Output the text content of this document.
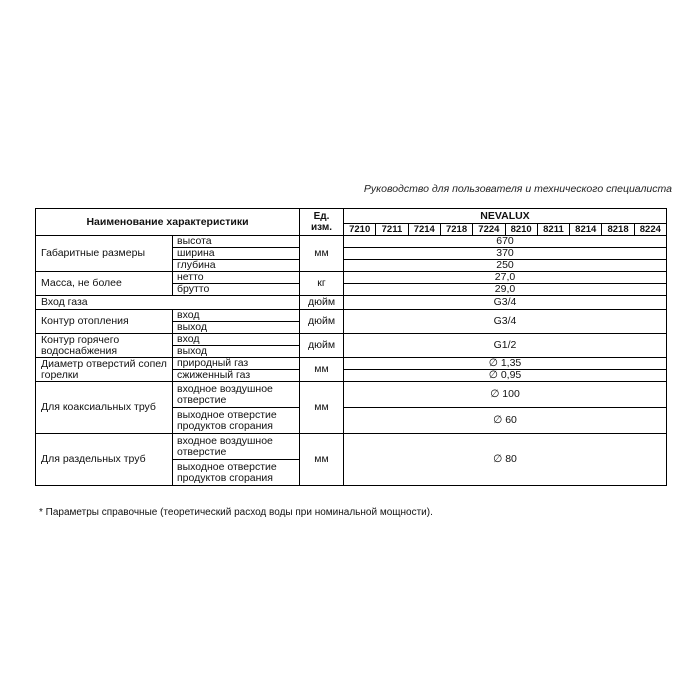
Руководство для пользователя и технического специалиста
Наименование характеристики		Ед. изм.	NEVALUX									
			7210	7211	7214	7218	7224	8210	8211	8214	8218	8224
Габаритные размеры	высота	мм	670									
	ширина		370									
	глубина		250									
Масса, не более	нетто	кг	27,0									
	брутто		29,0									
Вход газа		дюйм	G3/4									
Контур отопления	вход	дюйм	G3/4									
	выход											
Контур горячего водоснабжения	вход	дюйм	G1/2									
	выход											
Диаметр отверстий сопел горелки	природный газ	мм	∅ 1,35									
	сжиженный газ		∅ 0,95									
Для коаксиальных труб	входное воздушное отверстие	мм	∅ 100									
	выходное отверстие продуктов сгорания		∅ 60									
Для раздельных труб	входное воздушное отверстие	мм	∅ 80									
	выходное отверстие продуктов сгорания											
* Параметры справочные (теоретический расход воды при номинальной мощности).
